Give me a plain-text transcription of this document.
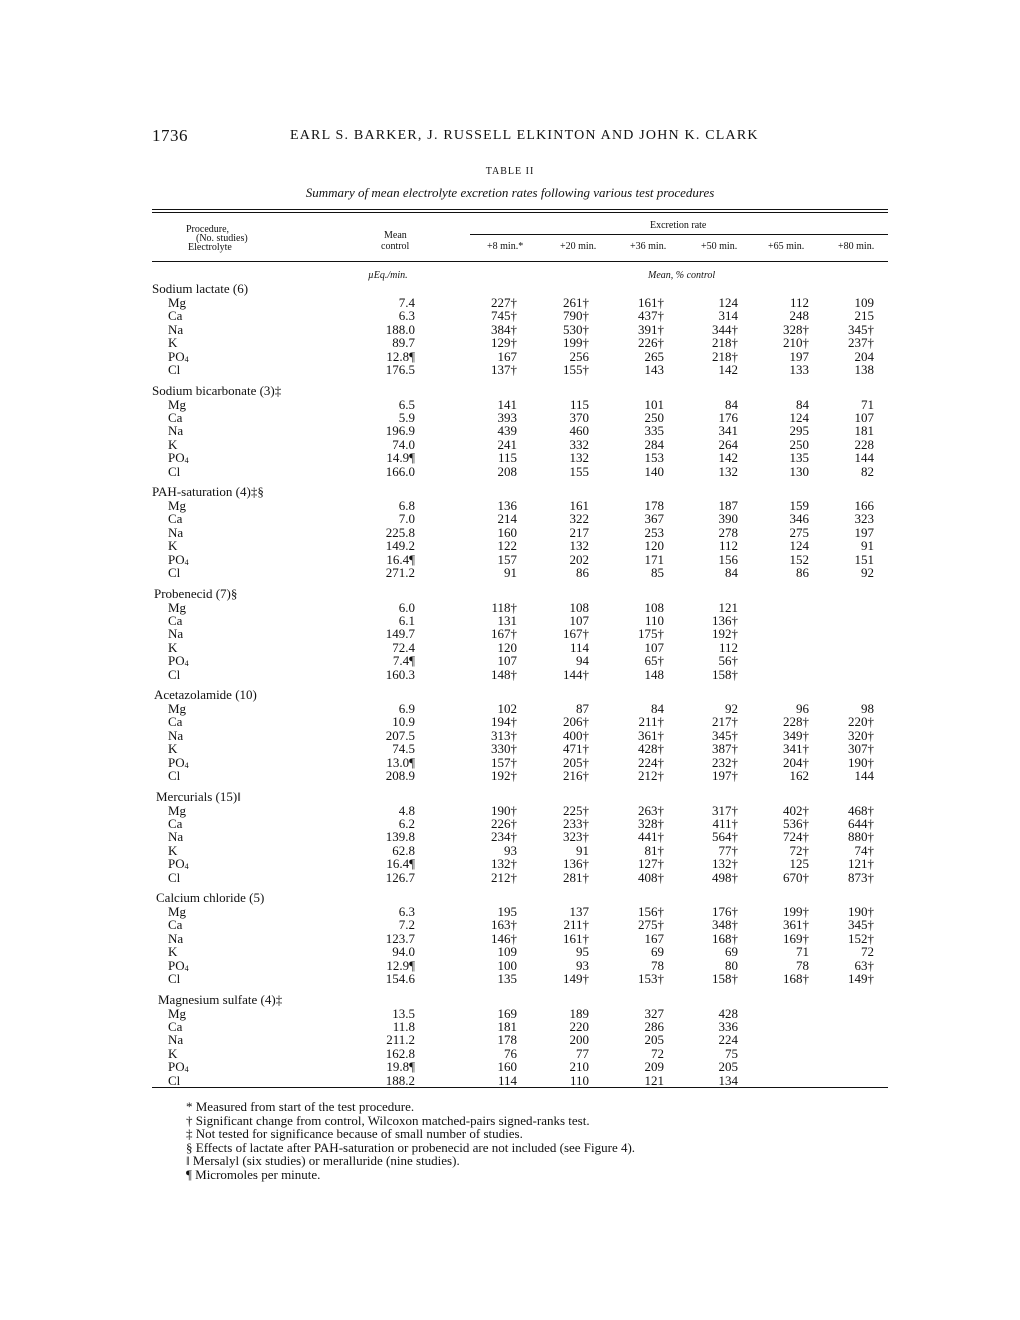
1736	EARL S. BARKER, J. RUSSELL ELKINTON AND JOHN K. CLARK
TABLE II
Summary of mean electrolyte excretion rates following various test procedures
Procedure,
(No. studies)
Electrolyte
Mean
control
Excretion rate
+8 min.*	+20 min.	+36 min.	+50 min.	+65 min.	+80 min.
µEq./min.	Mean, % control
Sodium lactate (6)
Mg	7.4	227†	261†	161†	124	112	109
Ca	6.3	745†	790†	437†	314	248	215
Na	188.0	384†	530†	391†	344†	328†	345†
K	89.7	129†	199†	226†	218†	210†	237†
$PO_4$	12.8¶	167	256	265	218†	197	204
Cl	176.5	137†	155†	143	142	133	138
Sodium bicarbonate (3)‡
Mg	6.5	141	115	101	84	84	71
Ca	5.9	393	370	250	176	124	107
Na	196.9	439	460	335	341	295	181
K	74.0	241	332	284	264	250	228
$PO_4$	14.9¶	115	132	153	142	135	144
Cl	166.0	208	155	140	132	130	82
PAH-saturation (4)‡§
Mg	6.8	136	161	178	187	159	166
Ca	7.0	214	322	367	390	346	323
Na	225.8	160	217	253	278	275	197
K	149.2	122	132	120	112	124	91
$PO_4$	16.4¶	157	202	171	156	152	151
Cl	271.2	91	86	85	84	86	92
Probenecid (7)§
Mg	6.0	118†	108	108	121
Ca	6.1	131	107	110	136†
Na	149.7	167†	167†	175†	192†
K	72.4	120	114	107	112
$PO_4$	7.4¶	107	94	65†	56†
Cl	160.3	148†	144†	148	158†
Acetazolamide (10)
Mg	6.9	102	87	84	92	96	98
Ca	10.9	194†	206†	211†	217†	228†	220†
Na	207.5	313†	400†	361†	345†	349†	320†
K	74.5	330†	471†	428†	387†	341†	307†
$PO_4$	13.0¶	157†	205†	224†	232†	204†	190†
Cl	208.9	192†	216†	212†	197†	162	144
Mercurials (15)‖
Mg	4.8	190†	225†	263†	317†	402†	468†
Ca	6.2	226†	233†	328†	411†	536†	644†
Na	139.8	234†	323†	441†	564†	724†	880†
K	62.8	93	91	81†	77†	72†	74†
$PO_4$	16.4¶	132†	136†	127†	132†	125	121†
Cl	126.7	212†	281†	408†	498†	670†	873†
Calcium chloride (5)
Mg	6.3	195	137	156†	176†	199†	190†
Ca	7.2	163†	211†	275†	348†	361†	345†
Na	123.7	146†	161†	167	168†	169†	152†
K	94.0	109	95	69	69	71	72
$PO_4$	12.9¶	100	93	78	80	78	63†
Cl	154.6	135	149†	153†	158†	168†	149†
Magnesium sulfate (4)‡
Mg	13.5	169	189	327	428
Ca	11.8	181	220	286	336
Na	211.2	178	200	205	224
K	162.8	76	77	72	75
$PO_4$	19.8¶	160	210	209	205
Cl	188.2	114	110	121	134
* Measured from start of the test procedure.
† Significant change from control, Wilcoxon matched-pairs signed-ranks test.
‡ Not tested for significance because of small number of studies.
§ Effects of lactate after PAH-saturation or probenecid are not included (see Figure 4).
‖ Mersalyl (six studies) or meralluride (nine studies).
¶ Micromoles per minute.
